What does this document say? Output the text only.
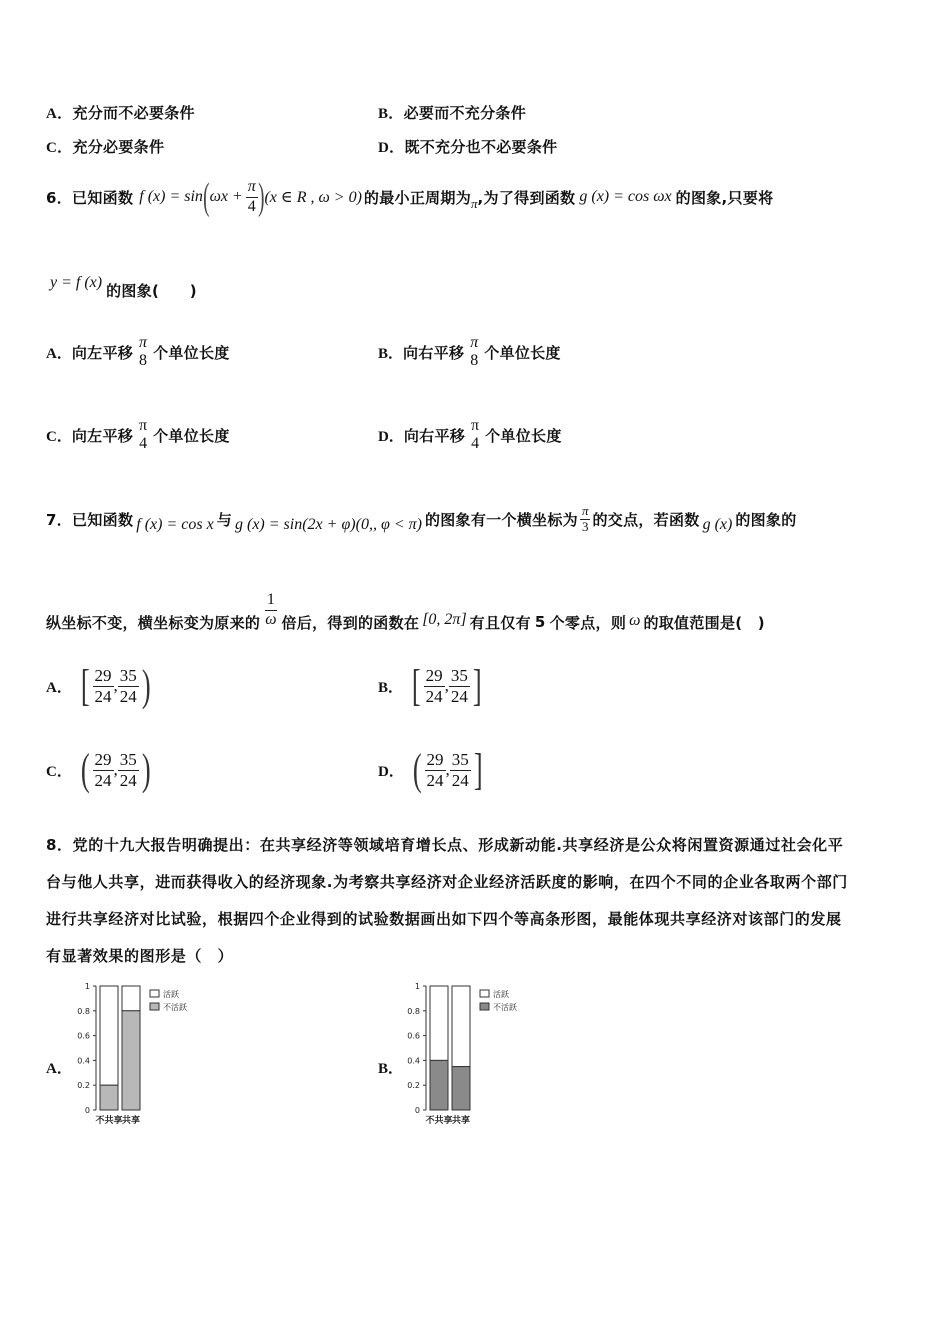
A．充分而不必要条件	B．必要而不充分条件
C．充分必要条件	D．既不充分也不必要条件
6． 已知函数 f (x) = sin ( $\omega x + \frac{\pi}{4}$ ) (x ∈ R , ω > 0) 的最小正周期为 π ,为了得到函数 g (x) = cos ωx 的图象,只要将
y = f (x) 的图象(　　)
A． 向左平移
π
8 个单位长度	B． 向右平移
π
8 个单位长度
C． 向左平移
π
4 个单位长度	D． 向右平移
π
4 个单位长度
7． 已知函数 f (x) = cos x 与 g (x) = sin(2x + φ)(0,, φ < π) 的图象有一个横坐标为 $\frac{\pi}{3}$ 的交点，若函数 g (x) 的图象的
纵坐标不变，横坐标变为原来的 $\frac{1}{\omega}$ 倍后，得到的函数在 [0, 2π] 有且仅有 5 个零点，则 ω 的取值范围是(　)
A． [ $\frac{29}{24}$ , $\frac{35}{24}$ )	B． [ $\frac{29}{24}$ , $\frac{35}{24}$ ]
C． ( $\frac{29}{24}$ , $\frac{35}{24}$ )	D． ( $\frac{29}{24}$ , $\frac{35}{24}$ ]
8．党的十九大报告明确提出：在共享经济等领域培育增长点、形成新动能.共享经济是公众将闲置资源通过社会化平
台与他人共享，进而获得收入的经济现象.为考察共享经济对企业经济活跃度的影响，在四个不同的企业各取两个部门
进行共享经济对比试验，根据四个企业得到的试验数据画出如下四个等高条形图，最能体现共享经济对该部门的发展
有显著效果的图形是（　）
A．	B．
0
0.2
0.4
0.6
0.8
1
不共享 共享
活跃
不活跃
0
0.2
0.4
0.6
0.8
1
不共享 共享
活跃
不活跃
